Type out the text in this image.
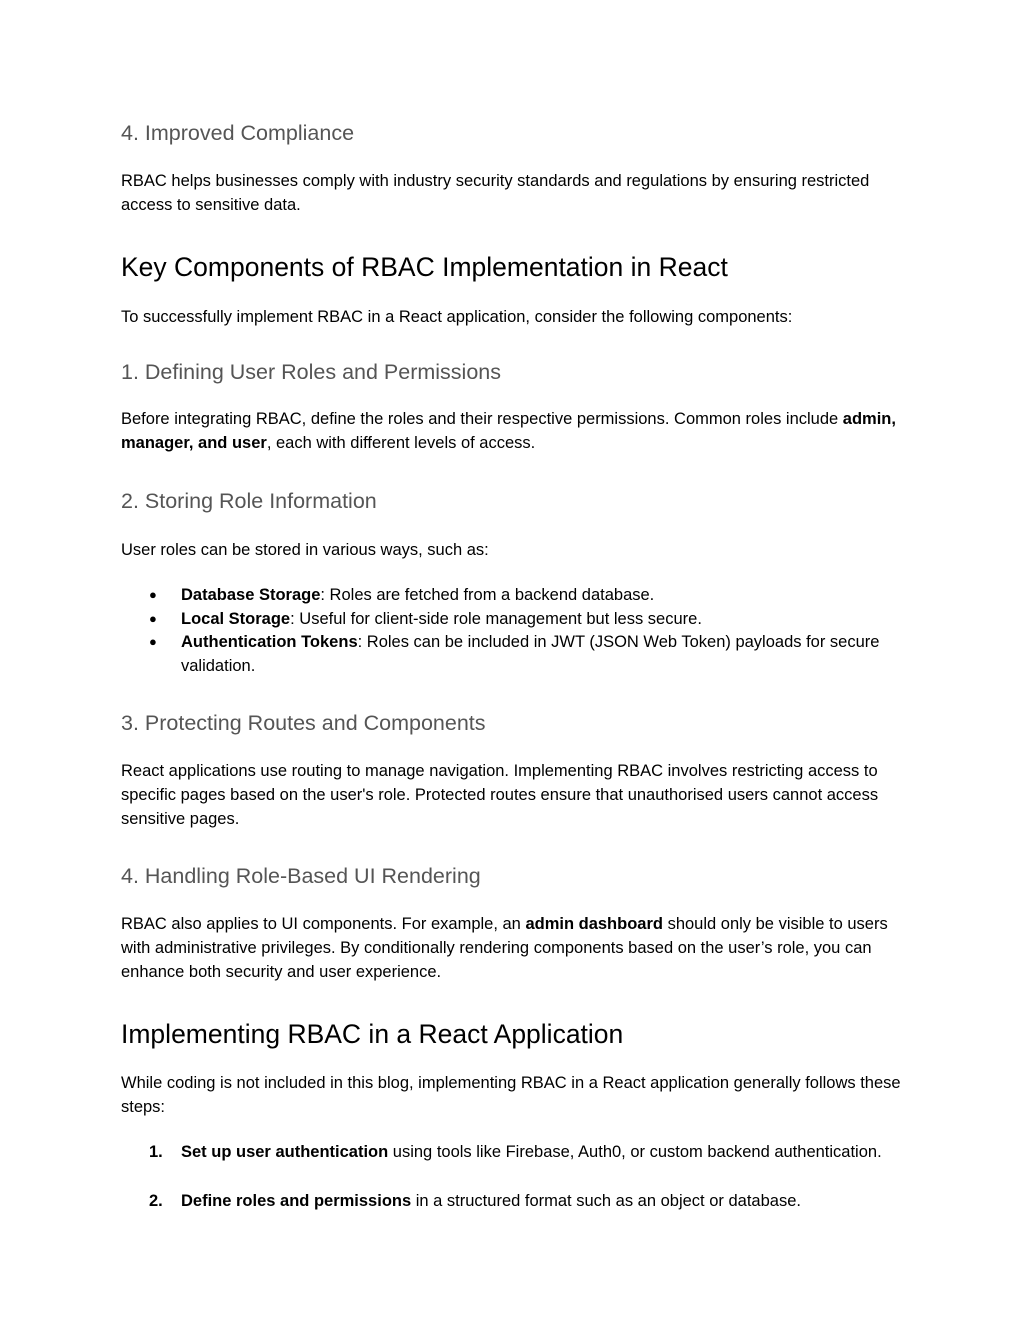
4. Improved Compliance
RBAC helps businesses comply with industry security standards and regulations by ensuring restricted access to sensitive data.
Key Components of RBAC Implementation in React
To successfully implement RBAC in a React application, consider the following components:
1. Defining User Roles and Permissions
Before integrating RBAC, define the roles and their respective permissions. Common roles include admin, manager, and user, each with different levels of access.
2. Storing Role Information
User roles can be stored in various ways, such as:
● Database Storage: Roles are fetched from a backend database.
● Local Storage: Useful for client-side role management but less secure.
● Authentication Tokens: Roles can be included in JWT (JSON Web Token) payloads for secure validation.
3. Protecting Routes and Components
React applications use routing to manage navigation. Implementing RBAC involves restricting access to specific pages based on the user's role. Protected routes ensure that unauthorised users cannot access sensitive pages.
4. Handling Role-Based UI Rendering
RBAC also applies to UI components. For example, an admin dashboard should only be visible to users with administrative privileges. By conditionally rendering components based on the user’s role, you can enhance both security and user experience.
Implementing RBAC in a React Application
While coding is not included in this blog, implementing RBAC in a React application generally follows these steps:
1.	Set up user authentication using tools like Firebase, Auth0, or custom backend authentication.
2.	Define roles and permissions in a structured format such as an object or database.
